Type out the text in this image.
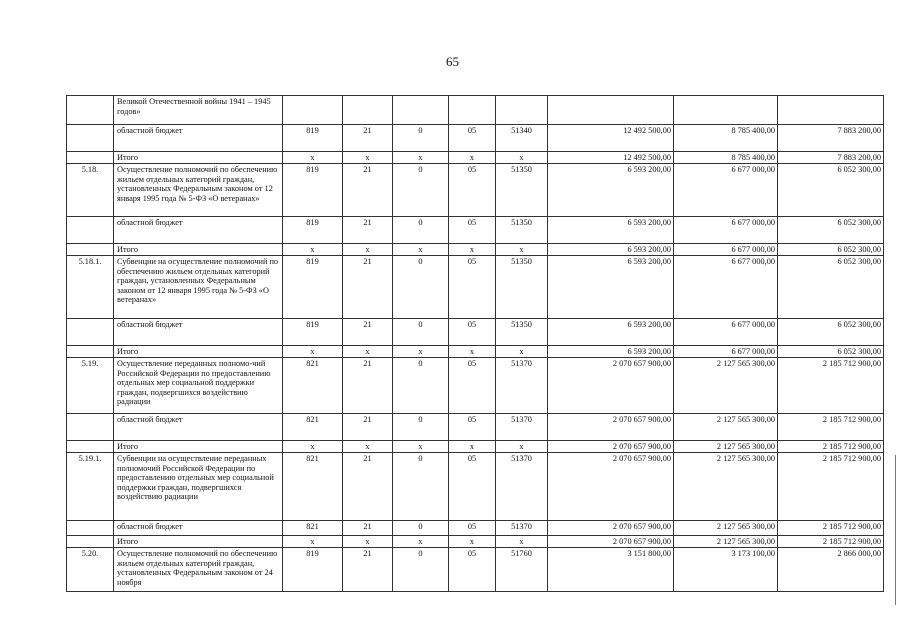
65
	Великой Отечественной войны 1941 – 1945 годов»								
	областной бюджет	819	21	0	05	51340	12 492 500,00	8 785 400,00	7 883 200,00
	Итого	х	х	х	х	х	12 492 500,00	8 785 400,00	7 883 200,00
5.18.	Осуществление полномочий по обеспечению жильем отдельных категорий граждан, установленных Федеральным законом от 12 января 1995 года № 5-ФЗ «О ветеранах»	819	21	0	05	51350	6 593 200,00	6 677 000,00	6 052 300,00
	областной бюджет	819	21	0	05	51350	6 593 200,00	6 677 000,00	6 052 300,00
	Итого	х	х	х	х	х	6 593 200,00	6 677 000,00	6 052 300,00
5.18.1.	Субвенции на осуществление полномочий по обеспечению жильем отдельных категорий граждан, установленных Федеральным законом от 12 января 1995 года № 5-ФЗ «О ветеранах»	819	21	0	05	51350	6 593 200,00	6 677 000,00	6 052 300,00
	областной бюджет	819	21	0	05	51350	6 593 200,00	6 677 000,00	6 052 300,00
	Итого	х	х	х	х	х	6 593 200,00	6 677 000,00	6 052 300,00
5.19.	Осуществление переданных полномо-чий Российской Федерации по предоставлению отдельных мер социальной поддержки граждан, подвергшихся воздействию радиации	821	21	0	05	51370	2 070 657 900,00	2 127 565 300,00	2 185 712 900,00
	областной бюджет	821	21	0	05	51370	2 070 657 900,00	2 127 565 300,00	2 185 712 900,00
	Итого	х	х	х	х	х	2 070 657 900,00	2 127 565 300,00	2 185 712 900,00
5.19.1.	Субвенции на осуществление переданных полномочий Российской Федерации по предоставлению отдельных мер социальной поддержки граждан, подвергшихся воздействию радиации	821	21	0	05	51370	2 070 657 900,00	2 127 565 300,00	2 185 712 900,00
	областной бюджет	821	21	0	05	51370	2 070 657 900,00	2 127 565 300,00	2 185 712 900,00
	Итого	х	х	х	х	х	2 070 657 900,00	2 127 565 300,00	2 185 712 900,00
5.20.	Осуществление полномочий по обеспечению жильем отдельных категорий граждан, установленных Федеральным законом от 24 ноября	819	21	0	05	51760	3 151 800,00	3 173 100,00	2 866 000,00
